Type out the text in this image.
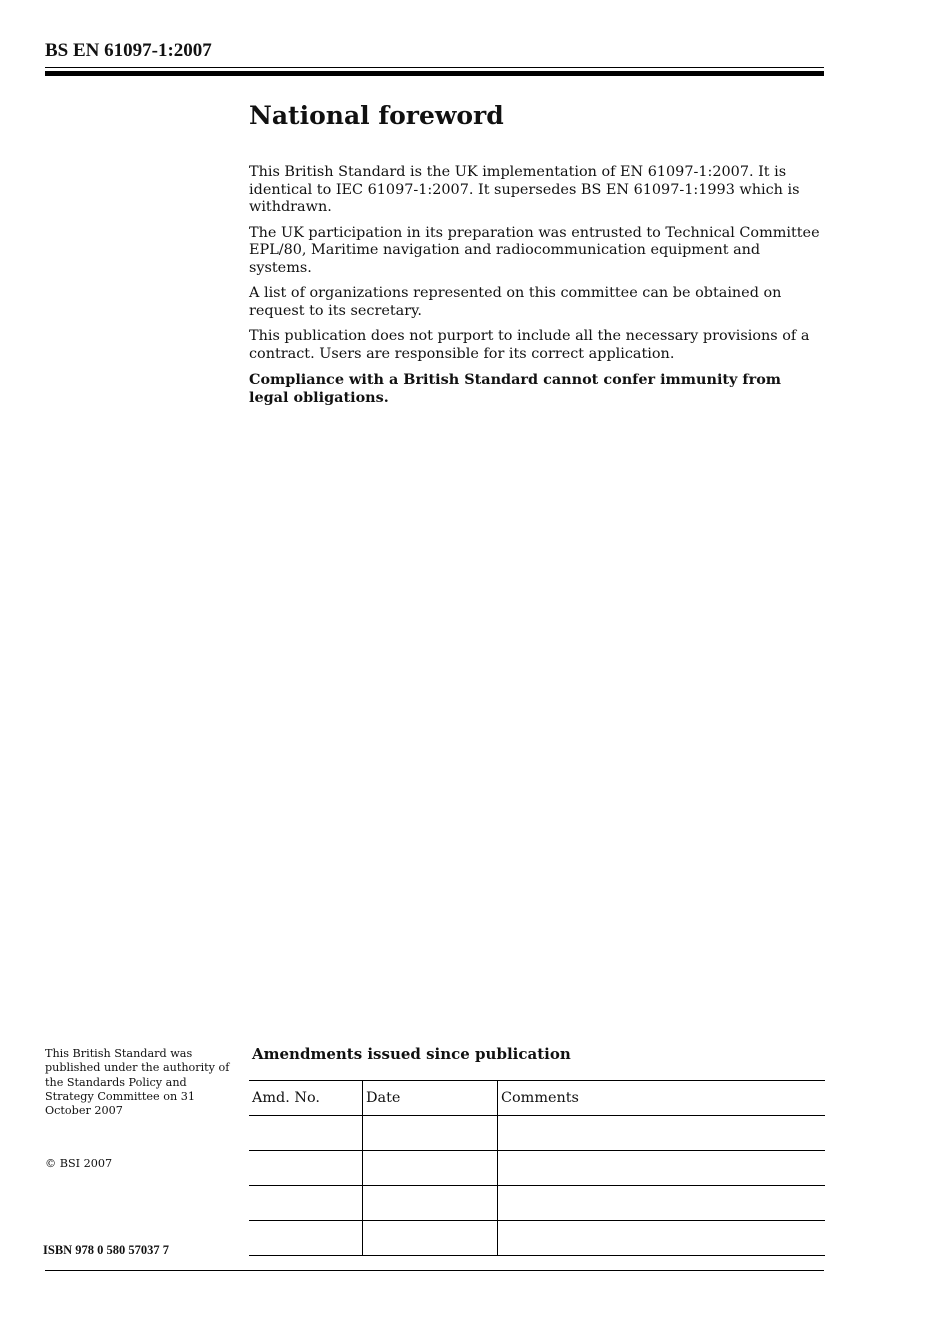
BS EN 61097-1:2007
National foreword

This British Standard is the UK implementation of EN 61097-1:2007. It is identical to IEC 61097-1:2007. It supersedes BS EN 61097-1:1993 which is withdrawn.

The UK participation in its preparation was entrusted to Technical Committee EPL/80, Maritime navigation and radiocommunication equipment and systems.

A list of organizations represented on this committee can be obtained on request to its secretary.

This publication does not purport to include all the necessary provisions of a contract. Users are responsible for its correct application.

Compliance with a British Standard cannot confer immunity from legal obligations.

This British Standard was published under the authority of the Standards Policy and Strategy Committee on 31 October 2007

© BSI 2007

ISBN 978 0 580 57037 7

Amendments issued since publication
Amd. No.	Date	Comments
